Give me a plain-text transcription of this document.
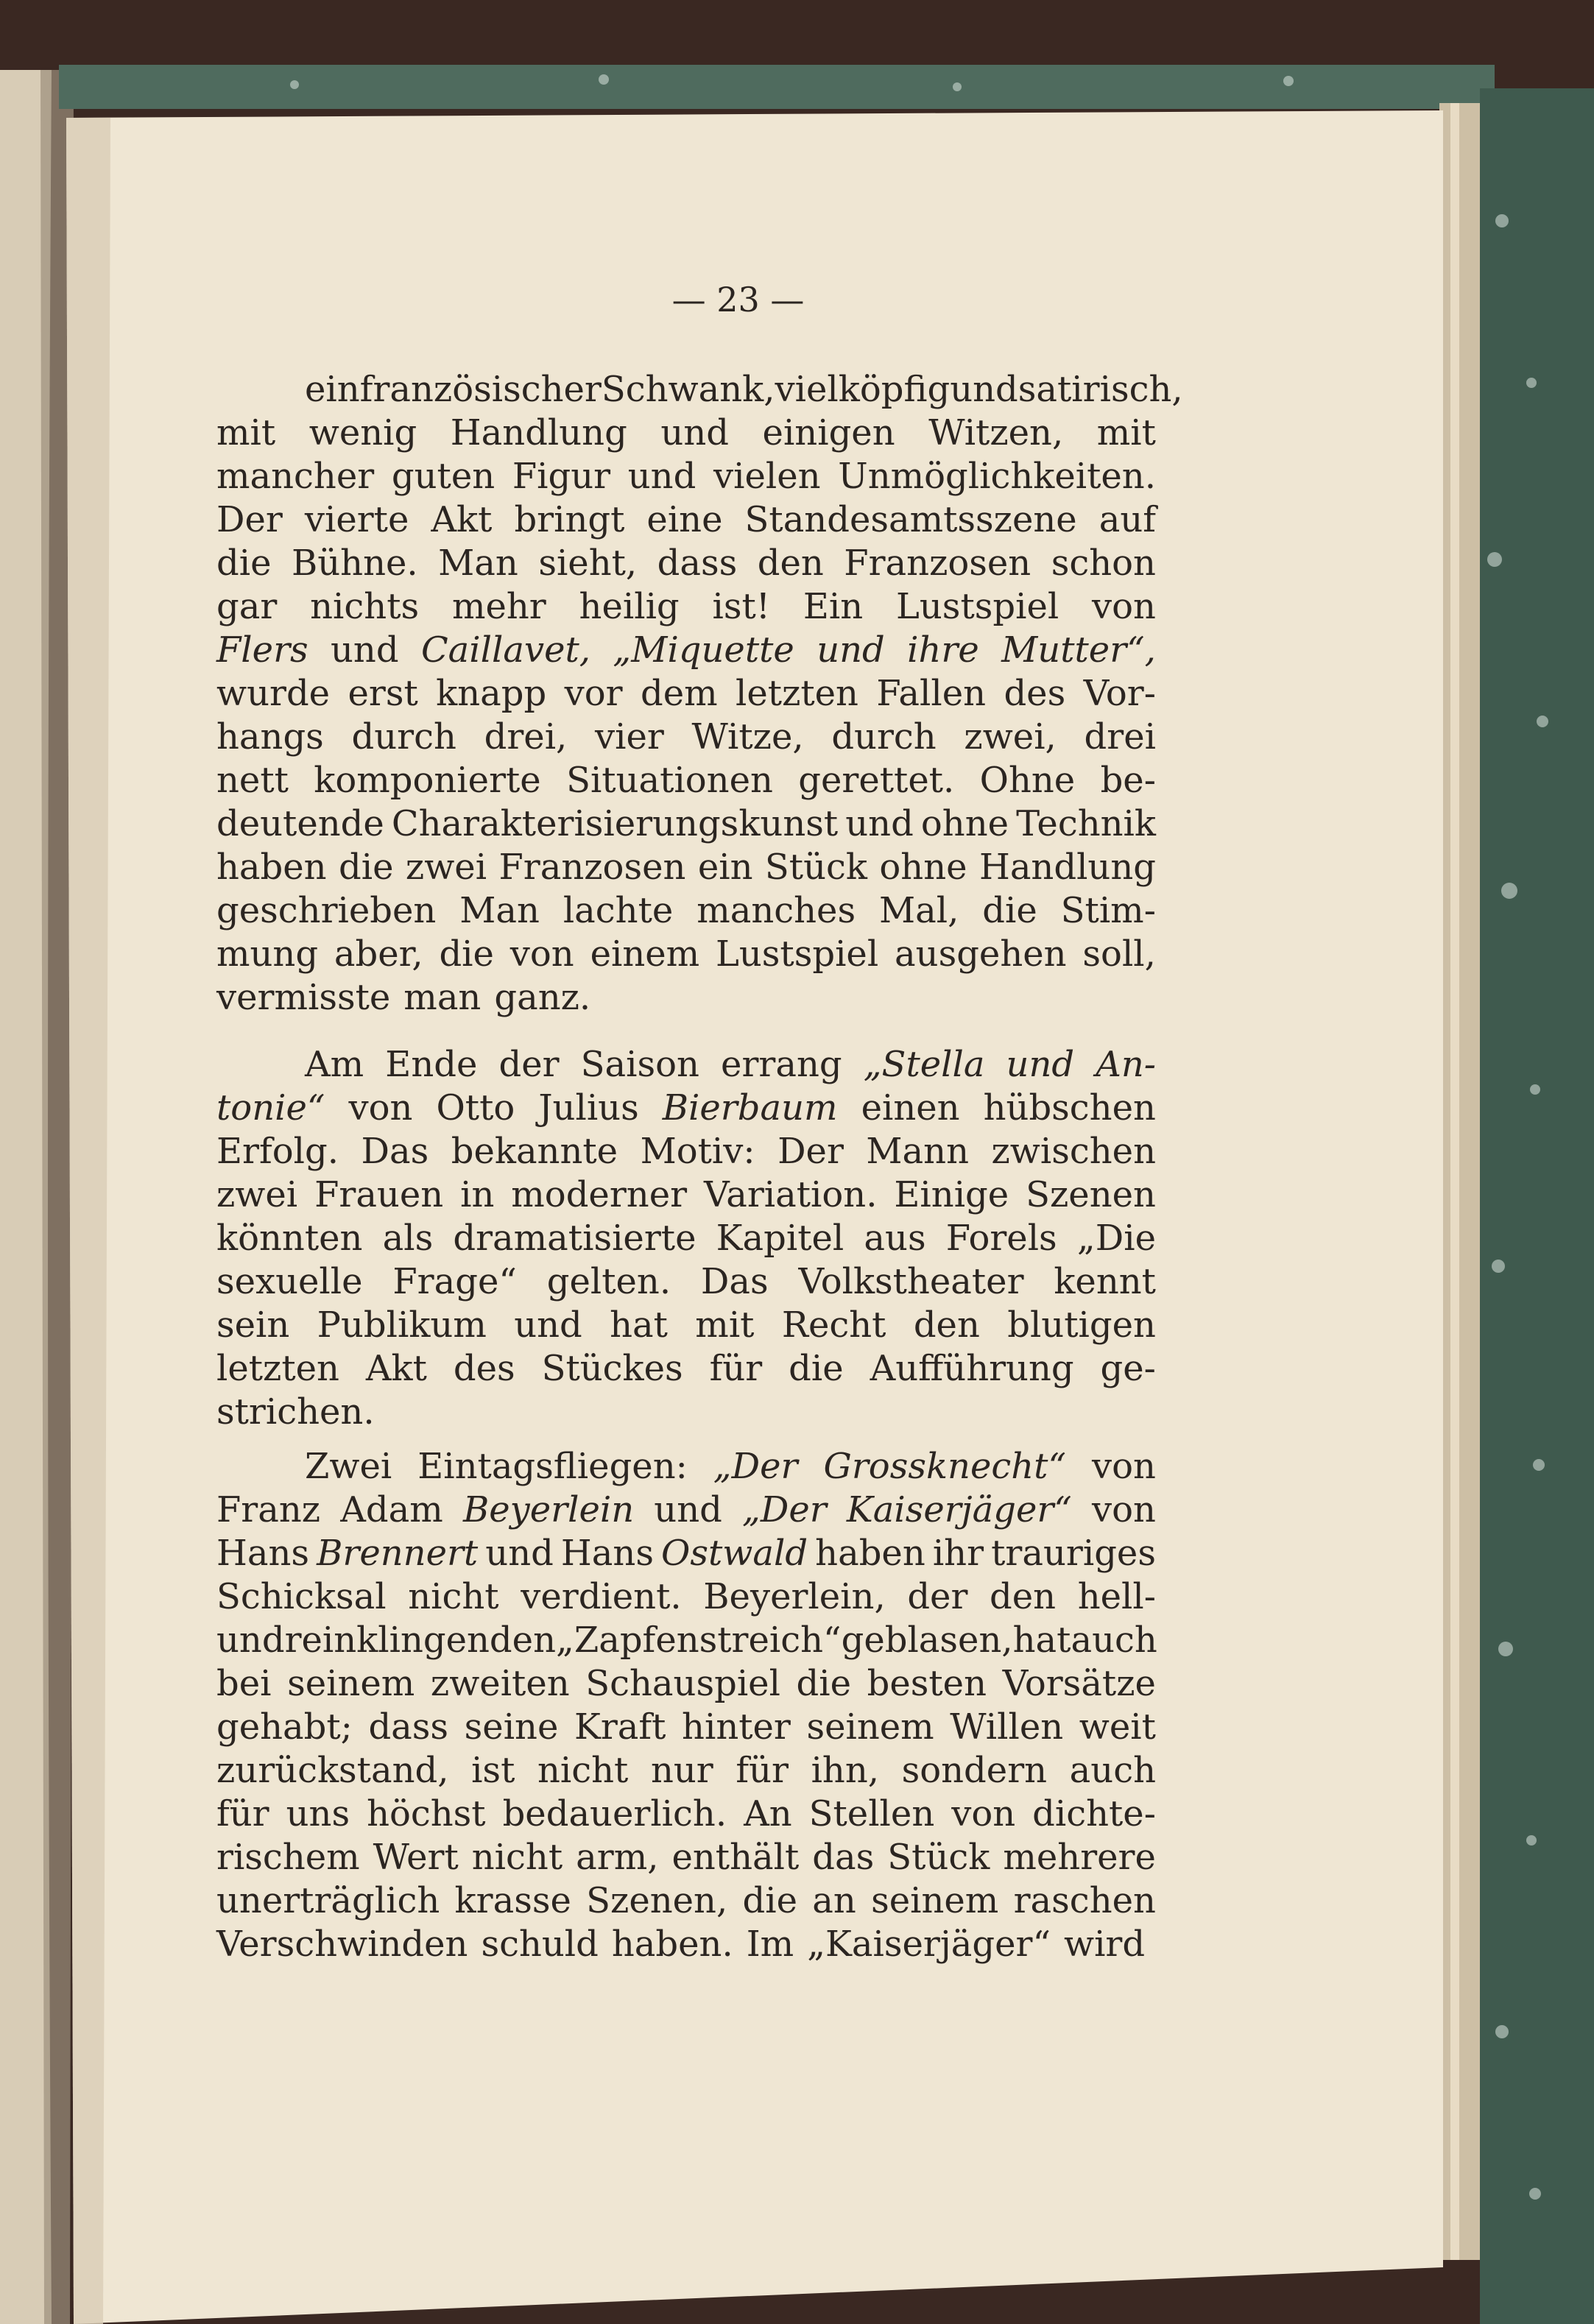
— 23 —
ein französischer Schwank, vielköpfig und satirisch,
mit wenig Handlung und einigen Witzen, mit
mancher guten Figur und vielen Unmöglichkeiten.
Der vierte Akt bringt eine Standesamtsszene auf
die Bühne. Man sieht, dass den Franzosen schon
gar nichts mehr heilig ist! Ein Lustspiel von
Flers und Caillavet, „Miquette und ihre Mutter“,
wurde erst knapp vor dem letzten Fallen des Vor-
hangs durch drei, vier Witze, durch zwei, drei
nett komponierte Situationen gerettet. Ohne be-
deutende Charakterisierungskunst und ohne Technik
haben die zwei Franzosen ein Stück ohne Handlung
geschrieben Man lachte manches Mal, die Stim-
mung aber, die von einem Lustspiel ausgehen soll,
vermisste man ganz.
Am Ende der Saison errang „Stella und An-
tonie“ von Otto Julius Bierbaum einen hübschen
Erfolg. Das bekannte Motiv: Der Mann zwischen
zwei Frauen in moderner Variation. Einige Szenen
könnten als dramatisierte Kapitel aus Forels „Die
sexuelle Frage“ gelten. Das Volkstheater kennt
sein Publikum und hat mit Recht den blutigen
letzten Akt des Stückes für die Aufführung ge-
strichen.
Zwei Eintagsfliegen: „Der Grossknecht“ von
Franz Adam Beyerlein und „Der Kaiserjäger“ von
Hans Brennert und Hans Ostwald haben ihr trauriges
Schicksal nicht verdient. Beyerlein, der den hell-
und reinklingenden „Zapfenstreich“ geblasen, hat auch
bei seinem zweiten Schauspiel die besten Vorsätze
gehabt; dass seine Kraft hinter seinem Willen weit
zurückstand, ist nicht nur für ihn, sondern auch
für uns höchst bedauerlich. An Stellen von dichte-
rischem Wert nicht arm, enthält das Stück mehrere
unerträglich krasse Szenen, die an seinem raschen
Verschwinden schuld haben. Im „Kaiserjäger“ wird
